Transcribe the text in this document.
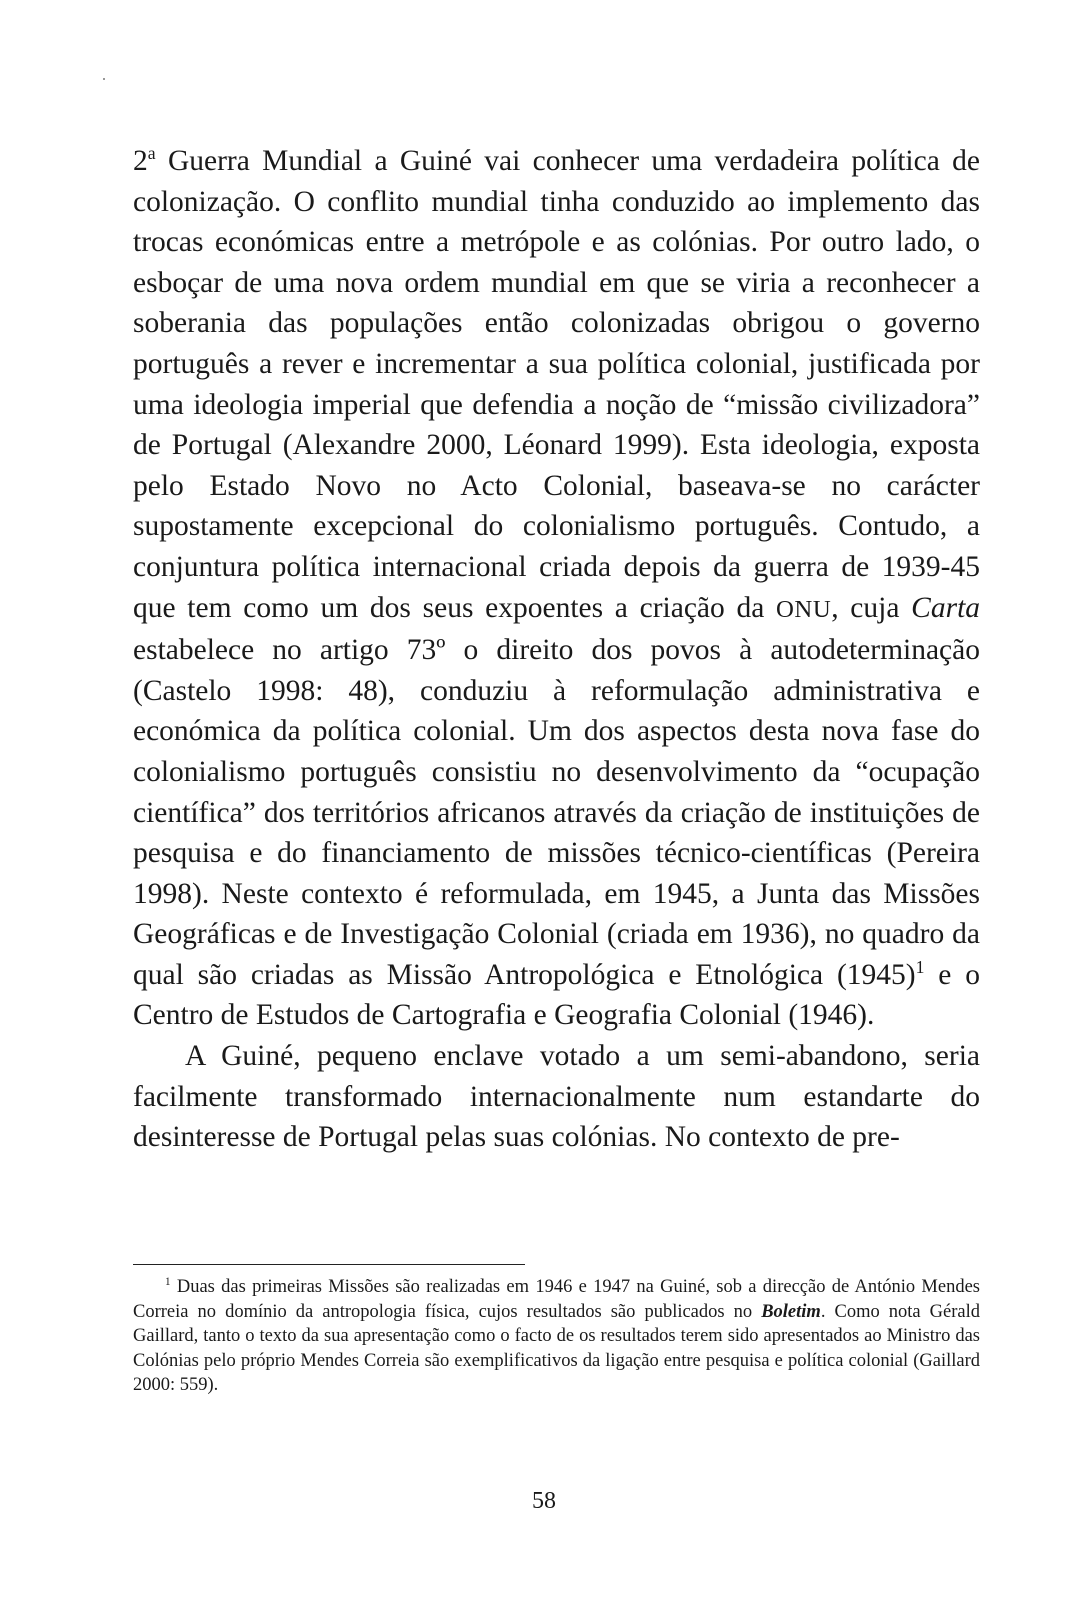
2$^a$ Guerra Mundial a Guiné vai conhecer uma verdadeira política de colonização. O conflito mundial tinha conduzido ao implemento das trocas económicas entre a metrópole e as colónias. Por outro lado, o esboçar de uma nova ordem mundial em que se viria a reconhecer a soberania das populações então colonizadas obrigou o governo português a rever e incrementar a sua política colonial, justificada por uma ideologia imperial que defendia a noção de “missão civilizadora” de Portugal (Alexandre 2000, Léonard 1999). Esta ideologia, exposta pelo Estado Novo no Acto Colonial, baseava-se no carácter supostamente excepcional do colonialismo português. Contudo, a conjuntura política internacional criada depois da guerra de 1939-45 que tem como um dos seus expoentes a criação da ONU, cuja Carta estabelece no artigo 73º o direito dos povos à autodeterminação (Castelo 1998: 48), conduziu à reformulação administrativa e económica da política colonial. Um dos aspectos desta nova fase do colonialismo português consistiu no desenvolvimento da “ocupação científica” dos territórios africanos através da criação de instituições de pesquisa e do financiamento de missões técnico-científicas (Pereira 1998). Neste contexto é reformulada, em 1945, a Junta das Missões Geográficas e de Investigação Colonial (criada em 1936), no quadro da qual são criadas as Missão Antropológica e Etnológica $(1945)^1$ e o Centro de Estudos de Cartografia e Geografia Colonial (1946).

A Guiné, pequeno enclave votado a um semi-abandono, seria facilmente transformado internacionalmente num estandarte do desinteresse de Portugal pelas suas colónias. No contexto de pre-

$^1$ Duas das primeiras Missões são realizadas em 1946 e 1947 na Guiné, sob a direcção de António Mendes Correia no domínio da antropologia física, cujos resultados são publicados no Boletim. Como nota Gérald Gaillard, tanto o texto da sua apresentação como o facto de os resultados terem sido apresentados ao Ministro das Colónias pelo próprio Mendes Correia são exemplificativos da ligação entre pesquisa e política colonial (Gaillard 2000: 559).

58
